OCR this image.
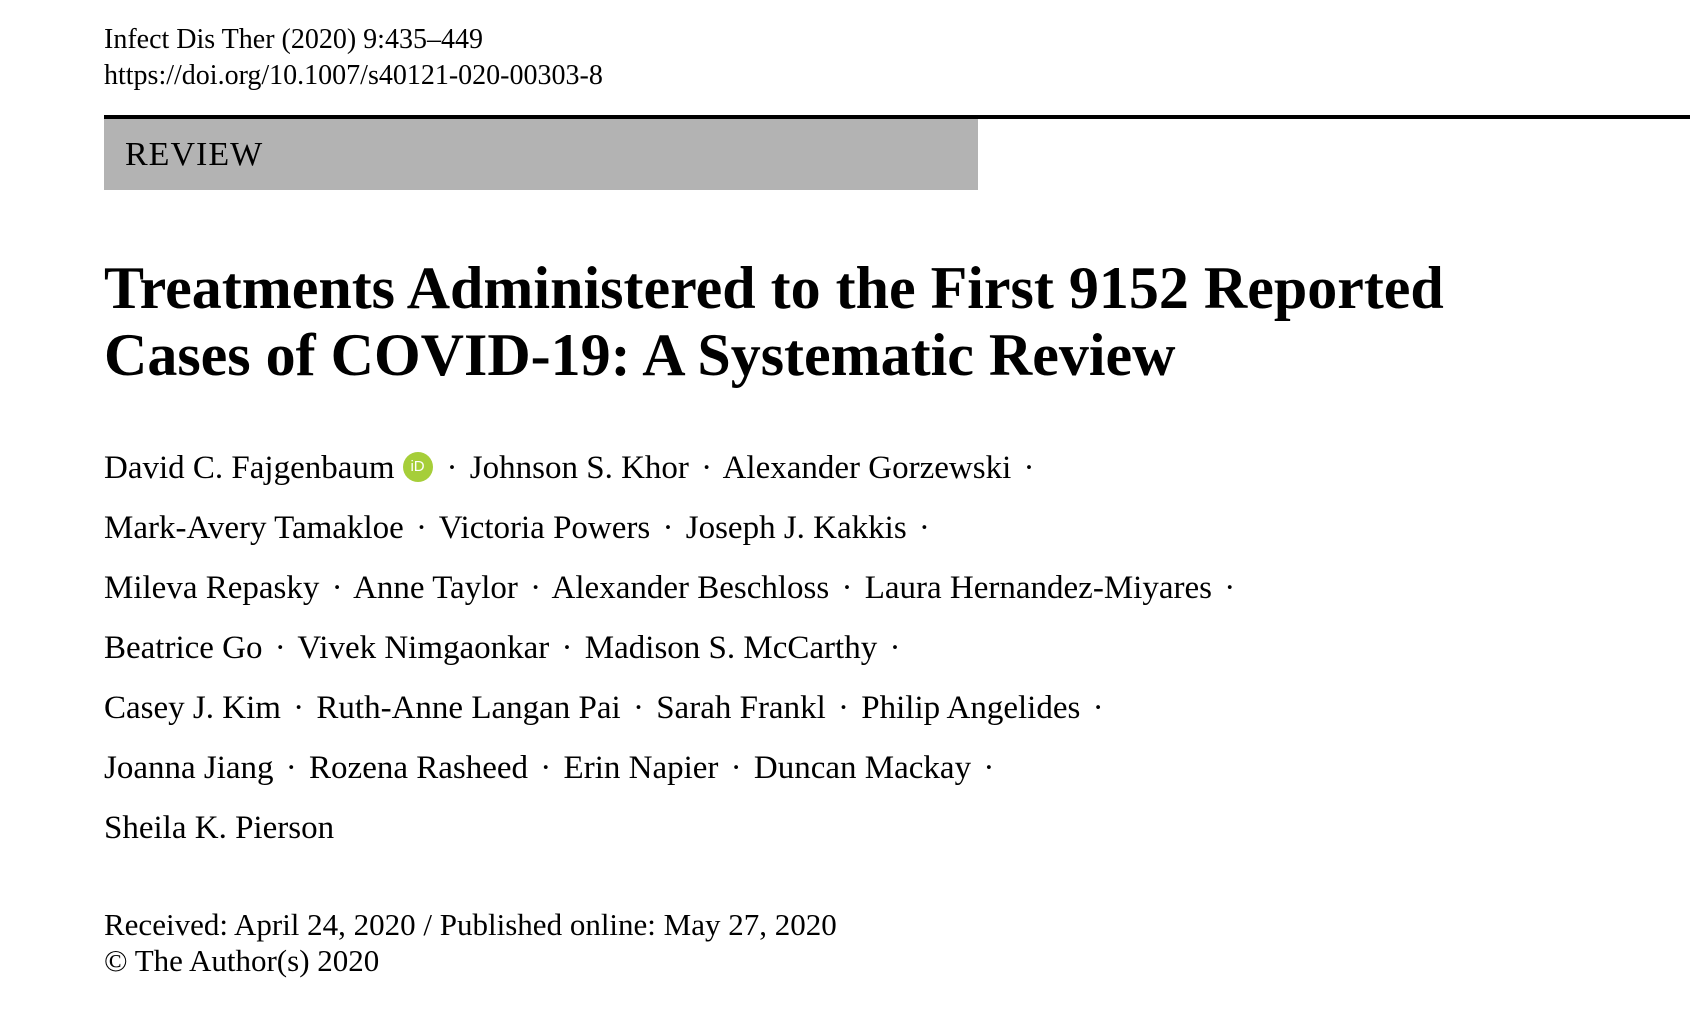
Infect Dis Ther (2020) 9:435–449
https://doi.org/10.1007/s40121-020-00303-8
REVIEW
Treatments Administered to the First 9152 Reported
Cases of COVID-19: A Systematic Review
David C. Fajgenbaum iD · Johnson S. Khor · Alexander Gorzewski ·
Mark-Avery Tamakloe · Victoria Powers · Joseph J. Kakkis ·
Mileva Repasky · Anne Taylor · Alexander Beschloss · Laura Hernandez-Miyares ·
Beatrice Go · Vivek Nimgaonkar · Madison S. McCarthy ·
Casey J. Kim · Ruth-Anne Langan Pai · Sarah Frankl · Philip Angelides ·
Joanna Jiang · Rozena Rasheed · Erin Napier · Duncan Mackay ·
Sheila K. Pierson
Received: April 24, 2020 / Published online: May 27, 2020
© The Author(s) 2020
